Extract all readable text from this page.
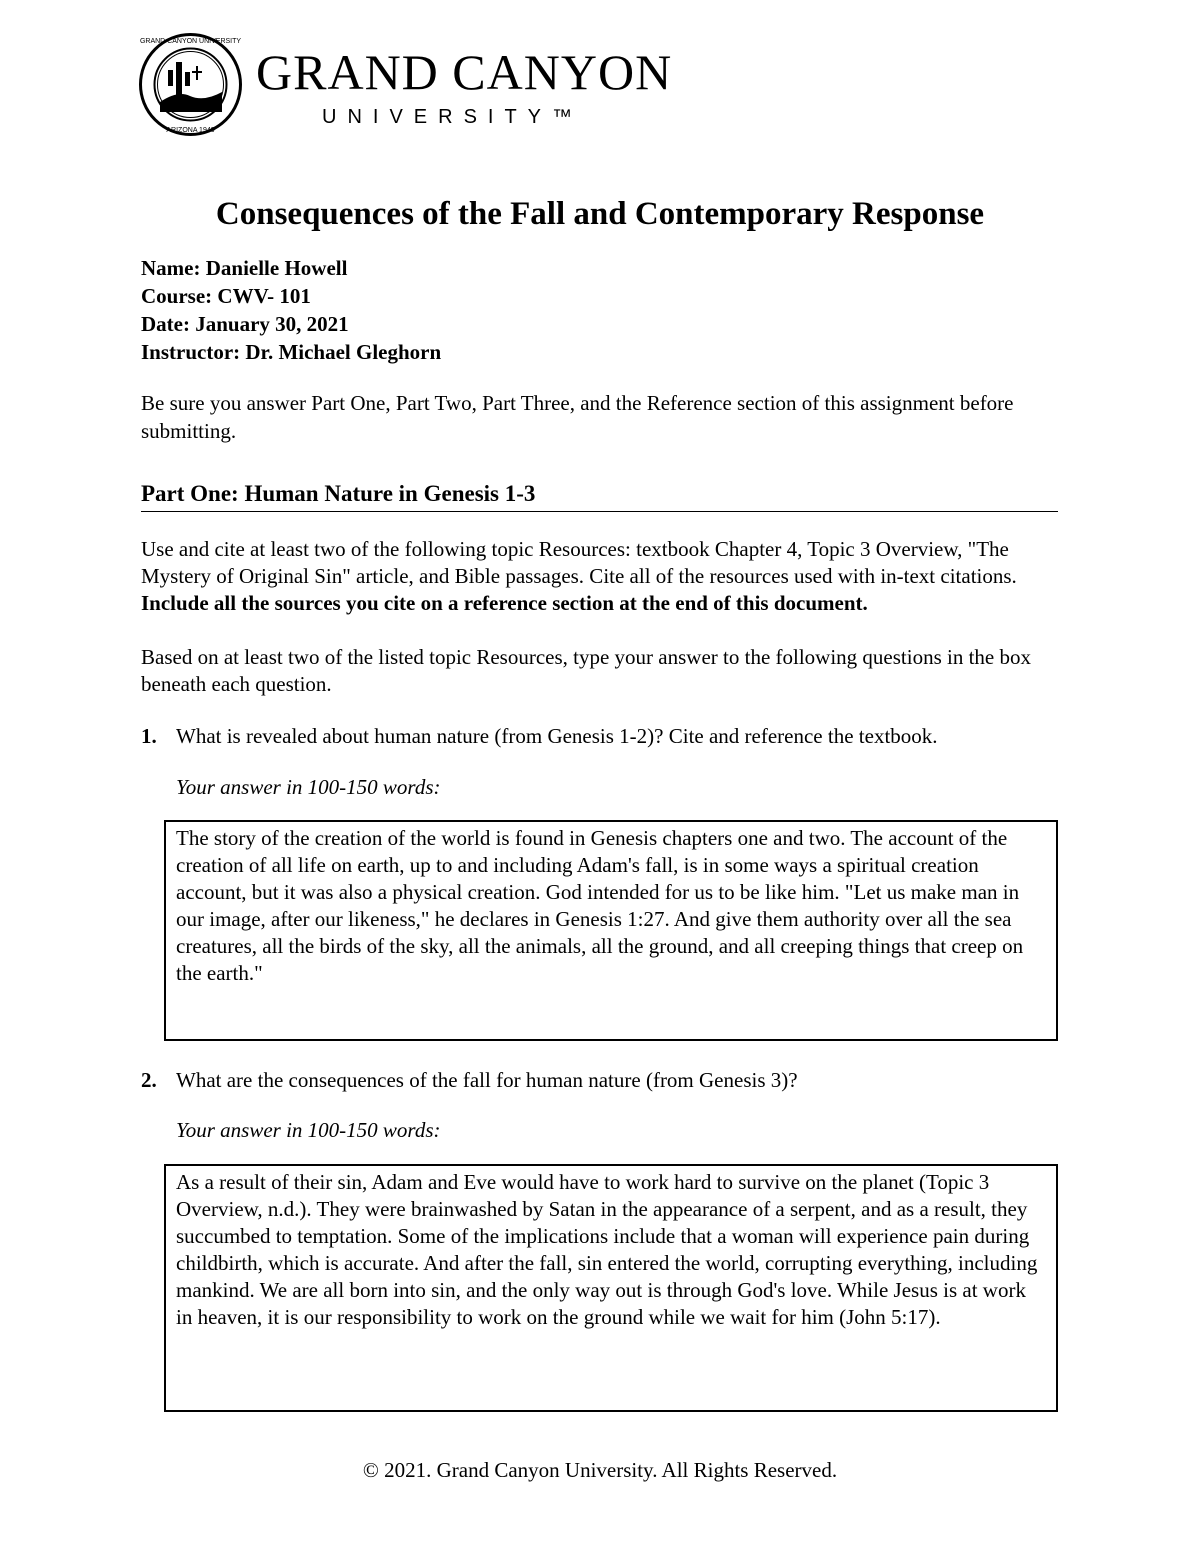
GRAND CANYON UNIVERSITY
ARIZONA 1949
GRAND CANYON
UNIVERSITY™
Consequences of the Fall and Contemporary Response
Name: Danielle Howell
Course: CWV- 101
Date: January 30, 2021
Instructor: Dr. Michael Gleghorn
Be sure you answer Part One, Part Two, Part Three, and the Reference section of this assignment before submitting.
Part One: Human Nature in Genesis 1-3
Use and cite at least two of the following topic Resources: textbook Chapter 4, Topic 3 Overview, "The Mystery of Original Sin" article, and Bible passages. Cite all of the resources used with in-text citations. Include all the sources you cite on a reference section at the end of this document.
Based on at least two of the listed topic Resources, type your answer to the following questions in the box beneath each question.
1. What is revealed about human nature (from Genesis 1-2)? Cite and reference the textbook.
Your answer in 100-150 words:
The story of the creation of the world is found in Genesis chapters one and two. The account of the creation of all life on earth, up to and including Adam's fall, is in some ways a spiritual creation account, but it was also a physical creation. God intended for us to be like him. "Let us make man in our image, after our likeness," he declares in Genesis 1:27. And give them authority over all the sea creatures, all the birds of the sky, all the animals, all the ground, and all creeping things that creep on the earth."
2. What are the consequences of the fall for human nature (from Genesis 3)?
Your answer in 100-150 words:
As a result of their sin, Adam and Eve would have to work hard to survive on the planet (Topic 3 Overview, n.d.). They were brainwashed by Satan in the appearance of a serpent, and as a result, they succumbed to temptation. Some of the implications include that a woman will experience pain during childbirth, which is accurate. And after the fall, sin entered the world, corrupting everything, including mankind. We are all born into sin, and the only way out is through God's love. While Jesus is at work in heaven, it is our responsibility to work on the ground while we wait for him (John 5:17).
© 2021. Grand Canyon University. All Rights Reserved.
